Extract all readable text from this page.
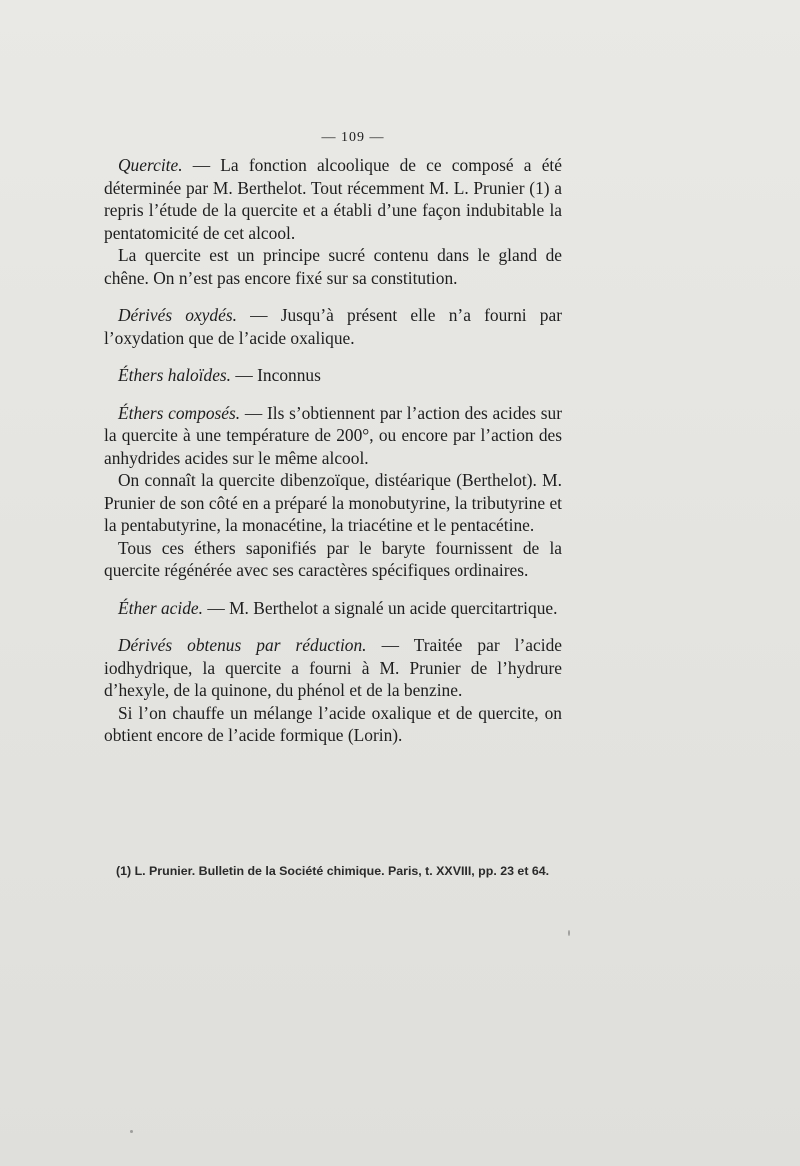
— 109 —

Quercite. — La fonction alcoolique de ce composé a été déterminée par M. Berthelot. Tout récemment M. L. Prunier (1) a repris l’étude de la quercite et a établi d’une façon indubitable la pentatomicité de cet alcool.

La quercite est un principe sucré contenu dans le gland de chêne. On n’est pas encore fixé sur sa constitution.

Dérivés oxydés. — Jusqu’à présent elle n’a fourni par l’oxydation que de l’acide oxalique.

Éthers haloïdes. — Inconnus

Éthers composés. — Ils s’obtiennent par l’action des acides sur la quercite à une température de 200°, ou encore par l’action des anhydrides acides sur le même alcool.

On connaît la quercite dibenzoïque, distéarique (Berthelot). M. Prunier de son côté en a préparé la monobutyrine, la tributyrine et la pentabutyrine, la monacétine, la triacétine et le pentacétine.

Tous ces éthers saponifiés par le baryte fournissent de la quercite régénérée avec ses caractères spécifiques ordinaires.

Éther acide. — M. Berthelot a signalé un acide quercitartrique.

Dérivés obtenus par réduction. — Traitée par l’acide iodhydrique, la quercite a fourni à M. Prunier de l’hydrure d’hexyle, de la quinone, du phénol et de la benzine.

Si l’on chauffe un mélange l’acide oxalique et de quercite, on obtient encore de l’acide formique (Lorin).

(1) L. Prunier. Bulletin de la Société chimique. Paris, t. XXVIII, pp. 23 et 64.
